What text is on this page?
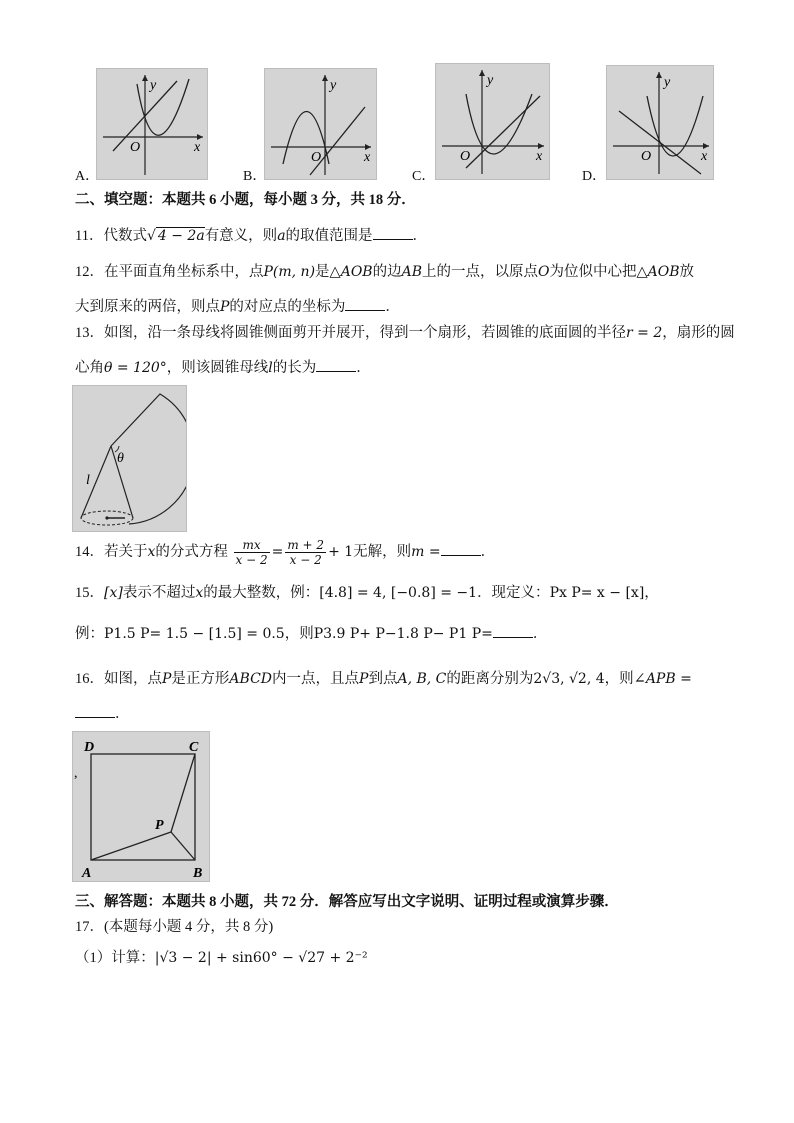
O	x
y
A．
O	x
y
B．
O	x
y
C．
O	x
y
D．
二、填空题：本题共 6 小题，每小题 3 分，共 18 分．
11．代数式√ 4 − 2a有意义，则a的取值范围是	．
12．在平面直角坐标系中，点P(m, n)是△AOB的边AB上的一点，以原点O为位似中心把△AOB放
大到原来的两倍，则点P的对应点的坐标为	．
13．如图，沿一条母线将圆锥侧面剪开并展开，得到一个扇形，若圆锥的底面圆的半径r = 2，扇形的圆
心角θ = 120°，则该圆锥母线l的长为	．
θ
l
14．若关于x的分式方程 $\frac{mx}{x - 2} = \frac{m + 2}{x - 2} + 1$无解，则m =	．
15．[x]表示不超过x的最大整数，例：[4.8] = 4, [−0.8] = −1．现定义：Px P= x − [x]，
例：P1.5 P= 1.5 − [1.5] = 0.5，则P3.9 P+ P−1.8 P− P1 P=	．
16．如图，点P是正方形ABCD内一点，且点P到点A, B, C的距离分别为2√3, √2, 4，则∠APB =
．
D	C
A	B
P
,
三、解答题：本题共 8 小题，共 72 分．解答应写出文字说明、证明过程或演算步骤．
17．(本题每小题 4 分，共 8 分)
（1）计算：|√3 − 2| + sin60° − √27 + 2⁻²
